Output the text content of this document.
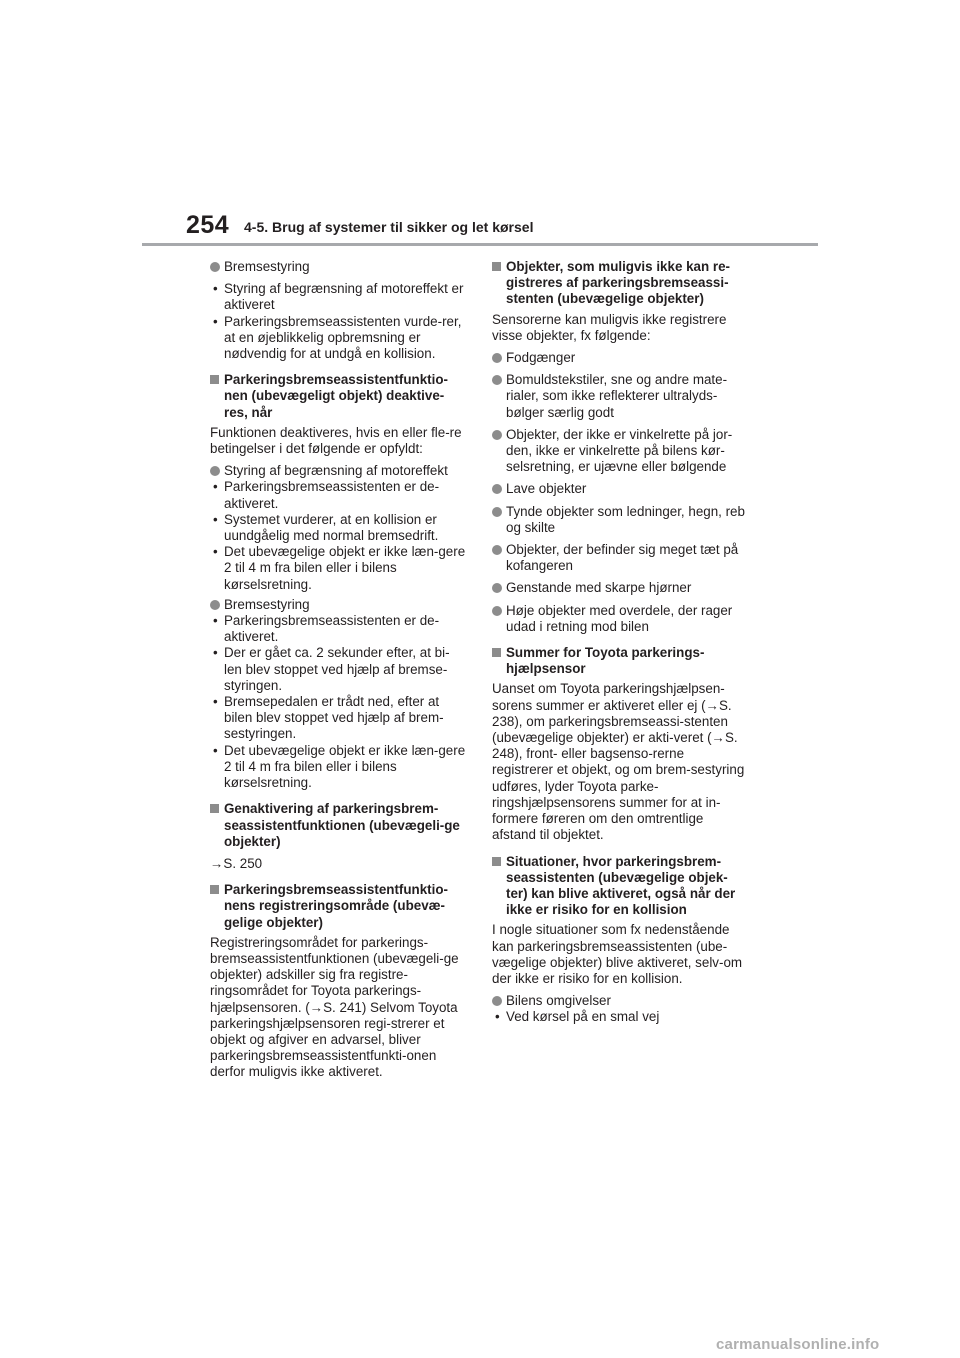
254 4-5. Brug af systemer til sikker og let kørsel
Bremsestyring
• Styring af begrænsning af motoreffekt er aktiveret
• Parkeringsbremseassistenten vurde-rer, at en øjeblikkelig opbremsning er nødvendig for at undgå en kollision.
Parkeringsbremseassistentfunktio-nen (ubevægeligt objekt) deaktive-res, når
Funktionen deaktiveres, hvis en eller fle-re betingelser i det følgende er opfyldt:
Styring af begrænsning af motoreffekt
• Parkeringsbremseassistenten er de-aktiveret.
• Systemet vurderer, at en kollision er uundgåelig med normal bremsedrift.
• Det ubevægelige objekt er ikke læn-gere 2 til 4 m fra bilen eller i bilens kørselsretning.
Bremsestyring
• Parkeringsbremseassistenten er de-aktiveret.
• Der er gået ca. 2 sekunder efter, at bi-len blev stoppet ved hjælp af bremse-styringen.
• Bremsepedalen er trådt ned, efter at bilen blev stoppet ved hjælp af brem-sestyringen.
• Det ubevægelige objekt er ikke læn-gere 2 til 4 m fra bilen eller i bilens kørselsretning.
Genaktivering af parkeringsbrem-seassistentfunktionen (ubevægeli-ge objekter)
→S. 250
Parkeringsbremseassistentfunktio-nens registreringsområde (ubevæ-gelige objekter)
Registreringsområdet for parkerings-bremseassistentfunktionen (ubevægeli-ge objekter) adskiller sig fra registre-ringsområdet for Toyota parkerings-hjælpsensoren. (→S. 241) Selvom Toyota parkeringshjælpsensoren regi-strerer et objekt og afgiver en advarsel, bliver parkeringsbremseassistentfunkti-onen derfor muligvis ikke aktiveret.
Objekter, som muligvis ikke kan re-gistreres af parkeringsbremseassi-stenten (ubevægelige objekter)
Sensorerne kan muligvis ikke registrere visse objekter, fx følgende:
Fodgænger
Bomuldstekstiler, sne og andre mate-rialer, som ikke reflekterer ultralyds-bølger særlig godt
Objekter, der ikke er vinkelrette på jor-den, ikke er vinkelrette på bilens kør-selsretning, er ujævne eller bølgende
Lave objekter
Tynde objekter som ledninger, hegn, reb og skilte
Objekter, der befinder sig meget tæt på kofangeren
Genstande med skarpe hjørner
Høje objekter med overdele, der rager udad i retning mod bilen
Summer for Toyota parkerings-hjælpsensor
Uanset om Toyota parkeringshjælpsen-sorens summer er aktiveret eller ej (→S. 238), om parkeringsbremseassi-stenten (ubevægelige objekter) er akti-veret (→S. 248), front- eller bagsenso-rerne registrerer et objekt, og om brem-sestyring udføres, lyder Toyota parke-ringshjælpsensorens summer for at in-formere føreren om den omtrentlige afstand til objektet.
Situationer, hvor parkeringsbrem-seassistenten (ubevægelige objek-ter) kan blive aktiveret, også når der ikke er risiko for en kollision
I nogle situationer som fx nedenstående kan parkeringsbremseassistenten (ube-vægelige objekter) blive aktiveret, selv-om der ikke er risiko for en kollision.
Bilens omgivelser
• Ved kørsel på en smal vej
carmanualsonline.info
